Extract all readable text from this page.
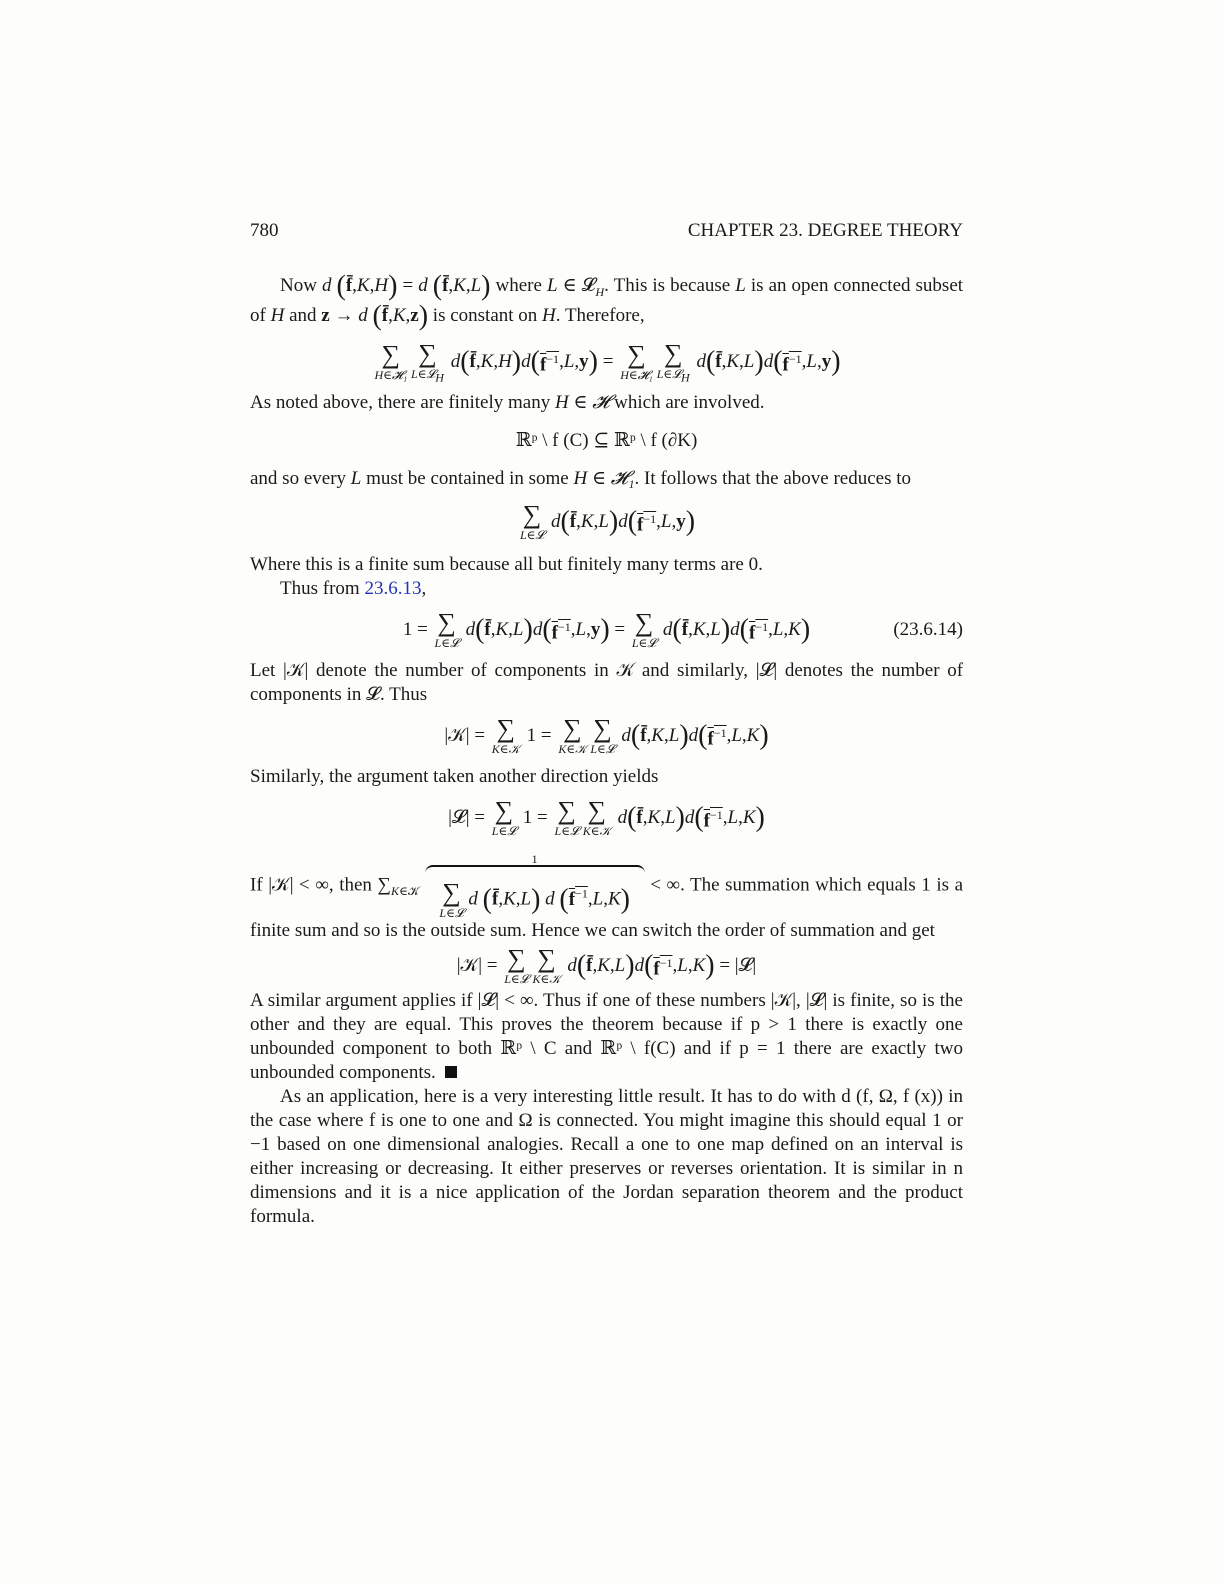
780	CHAPTER 23. DEGREE THEORY

Now d (f̄,K,H) = d (f̄,K,L) where L ∈ 𝓛$_H$. This is because L is an open connected subset of H and z → d (f̄,K,z) is constant on H. Therefore,

∑
H∈𝓗₁
∑
L∈𝓛$_H$

d ( f̄ , K , H ) d ( $f^{-1}$ , L , y ) = ∑
H∈𝓗₁
∑
L∈𝓛$_H$

d ( f̄ , K , L ) d ( $f^{-1}$ , L , y )

As noted above, there are finitely many H ∈ 𝓗 which are involved.

ℝᵖ \ f (C) ⊆ ℝᵖ \ f (∂K)

and so every L must be contained in some H ∈ 𝓗₁. It follows that the above reduces to

∑
L∈𝓛

d ( f̄ , K , L ) d ( $f^{-1}$ , L , y )

Where this is a finite sum because all but finitely many terms are 0.

Thus from 23.6.13,

1 = ∑
L∈𝓛

d ( f̄ , K , L ) d ( $f^{-1}$ , L , y ) = ∑
L∈𝓛

d ( f̄ , K , L ) d ( $f^{-1}$ , L , K )	(23.6.14)

Let |𝒦| denote the number of components in 𝒦 and similarly, |𝓛| denotes the number of components in 𝓛. Thus

|𝒦| = ∑
K∈𝒦
1 = ∑
K∈𝒦
∑
L∈𝓛

d ( f̄ , K , L ) d ( $f^{-1}$ , L , K )

Similarly, the argument taken another direction yields

|𝓛| = ∑
L∈𝓛
1 = ∑
L∈𝓛
∑
K∈𝒦

d ( f̄ , K , L ) d ( $f^{-1}$ , L , K )

If |𝒦| < ∞, then $\sum_{K\in 𝒦}$
1
∑
L∈𝓛
d (f̄,K,L) d $(f^{-1},L,K)$ < ∞. The summation which equals 1 is a finite sum and so is the outside sum. Hence we can switch the order of summation and get

|𝒦| = ∑
L∈𝓛
∑
K∈𝒦

d ( f̄ , K , L ) d ( $f^{-1}$ , L , K ) = |𝓛|

A similar argument applies if |𝓛| < ∞. Thus if one of these numbers |𝒦|, |𝓛| is finite, so is the other and they are equal. This proves the theorem because if p > 1 there is exactly one unbounded component to both ℝᵖ \ C and ℝᵖ \ f(C) and if p = 1 there are exactly two unbounded components.

As an application, here is a very interesting little result. It has to do with d (f, Ω, f (x)) in the case where f is one to one and Ω is connected. You might imagine this should equal 1 or −1 based on one dimensional analogies. Recall a one to one map defined on an interval is either increasing or decreasing. It either preserves or reverses orientation. It is similar in n dimensions and it is a nice application of the Jordan separation theorem and the product formula.
